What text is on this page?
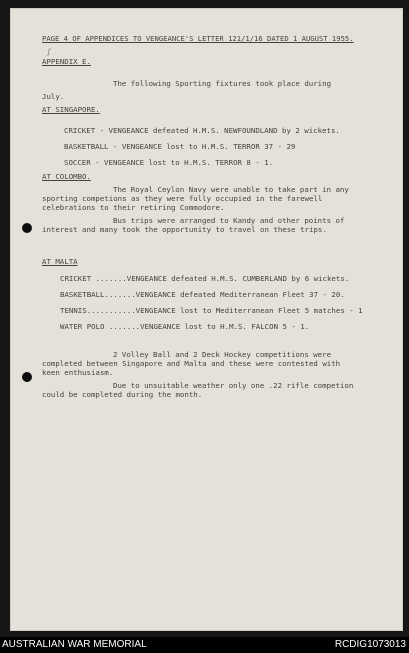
PAGE 4 OF APPENDICES TO VENGEANCE'S LETTER 121/1/16 DATED 1 AUGUST 1955.
ʃ
APPENDIX E.
The following Sporting fixtures took place during
July.
AT SINGAPORE.
CRICKET - VENGEANCE defeated H.M.S. NEWFOUNDLAND by 2 wickets.
BASKETBALL - VENGEANCE lost to H.M.S. TERROR 37 - 29
SOCCER - VENGEANCE lost to H.M.S. TERROR 8 - 1.
AT COLOMBO.
The Royal Ceylon Navy were unable to take part in any
sporting competions as they were fully occupied in the farewell
celebrations to their retiring Commodore.
Bus trips were arranged to Kandy and other points of
interest and many took the opportunity to travel on these trips.
AT MALTA
CRICKET .......VENGEANCE defeated H.M.S. CUMBERLAND by 6 wickets.
BASKETBALL.......VENGEANCE defeated Mediterranean Fleet 37 - 20.
TENNIS...........VENGEANCE lost to Mediterranean Fleet 5 matches - 1
WATER POLO .......VENGEANCE lost to H.M.S. FALCON 5 - 1.
2 Volley Ball and 2 Deck Hockey competitions were
completed between Singapore and Malta and these were contested with
keen enthusiasm.
Due to unsuitable weather only one .22 rifle competion
could be completed during the month.
AUSTRALIAN WAR MEMORIAL	RCDIG1073013
